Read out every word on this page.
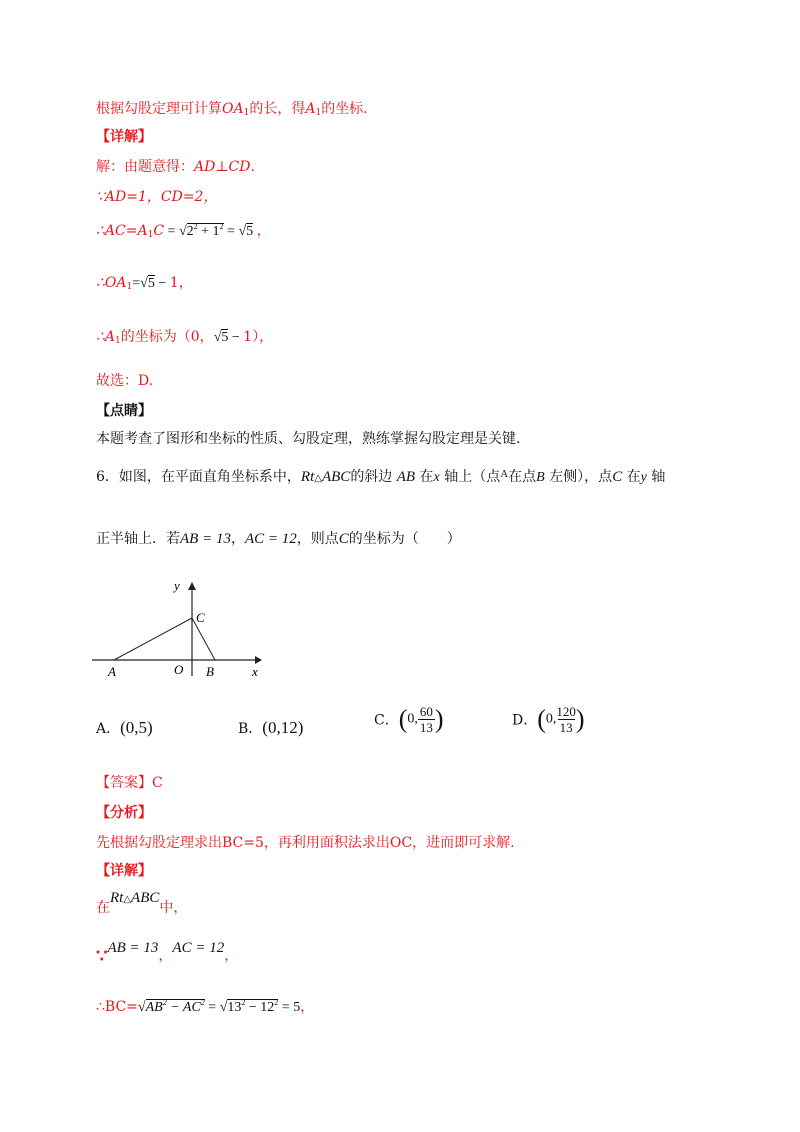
根据勾股定理可计算$OA_1$的长，得$A_1$的坐标.
【详解】
解：由题意得：AD⊥CD.
∵AD=1，CD=2，
$\therefore AC=A_1C = √2^2 + 1^2 = √5$ ，
$\therefore OA_1=√5 - 1$，
$\therefore A_1$的坐标为（0，√5 − 1），
故选：D.
【点睛】
本题考查了图形和坐标的性质、勾股定理，熟练掌握勾股定理是关键.
6．如图，在平面直角坐标系中，Rt△ABC的斜边 AB 在x 轴上（点$^A$在点B 左侧），点C 在y 轴
正半轴上．若AB = 13，AC = 12，则点C的坐标为（　　）
y
C
O
A	B	x
A．(0,5)	B．(0,12)	C．(0, $\frac{60}{13}$ )	D．(0, $\frac{120}{13}$ )
【答案】C
【分析】
先根据勾股定理求出BC=5，再利用面积法求出OC，进而即可求解.
【详解】
在Rt△ABC中，
∵AB = 13，AC = 12，
$\therefore BC=√AB^2 - AC^2 = √13^2 - 12^2 = 5$，
